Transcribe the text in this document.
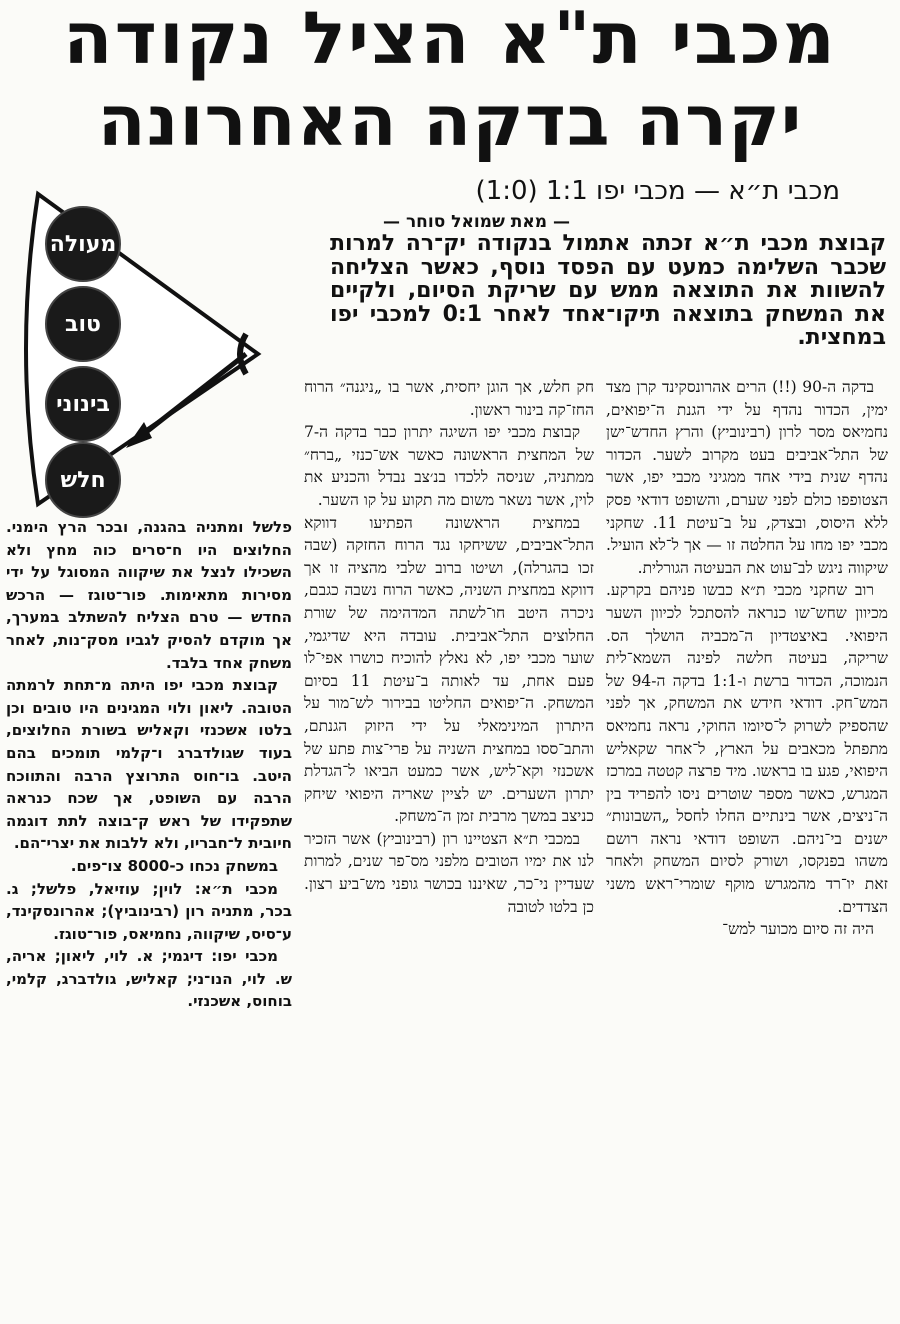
מכבי ת"א הציל נקודה
יקרה בדקה האחרונה
מכבי ת״א — מכבי יפו 1:1 (1:0)
— מאת שמואל סוחר —
קבוצת מכבי ת״א זכתה אתמול בנקודה יק־רה למרות שכבר השלימה כמעט עם הפסד נוסף, כאשר הצליחה להשוות את התוצאה ממש עם שריקת הסיום, ולקיים את המשחק בתוצאה תיקו־אחד לאחר 0:1 למכבי יפו במחצית.
מעולה
טוב
בינוני
חלש

בדקה ה-90 (!!) הרים אהרונסקינד קרן מצד ימין, הכדור נהדף על ידי הגנת ה־יפואים, נחמיאס מסר לרון (רבינוביץ) והרץ החדש־ישן של התל־אביבים בעט מקרוב לשער. הכדור נהדף שנית בידי אחד ממגיני מכבי יפו, אשר הצטופפו כולם לפני שערם, והשופט דודאי פסק ללא היסוס, ובצדק, על ב־עיטת 11. שחקני מכבי יפו מחו על החלטה זו — אך ל־לא הועיל. שיקווה ניגש לב־עוט את הבעיטה הגורלית.

רוב שחקני מכבי ת״א כבשו פניהם בקרקע. מכיוון שחש־שו כנראה להסתכל לכיוון השער היפואי. באיצטדיון ה־מכביה הושלך הס. שריקה, בעיטה חלשה לפינה השמא־לית הנמוכה, הכדור ברשת ו-1:1 בדקה ה-94 של המש־חק. דודאי חידש את המשחק, אך לפני שהספיק לשרוק ל־סיומו החוקי, נראה נחמיאס מתפתל מכאבים על הארץ, ל־אחר שקאליש היפואי, פגע בו בראשו. מיד פרצה קטטה במרכז המגרש, כאשר מספר שוטרים ניסו להפריד בין ה־ניצים, אשר בינתיים החלו לחסל „השבונות״ ישנים בי־ניהם. השופט דודאי נראה רושם משהו בפנקסו, ושורק לסיום המשחק ולאחר זאת יו־רד מהמגרש מוקף שומרי־ראש משני הצדדים.

היה זה סיום מכוער למש־

חק חלש, אך הוגן יחסית, אשר בו „ניגנה״ הרוח החז־קה בינור ראשון.

קבוצת מכבי יפו השיגה יתרון כבר בדקה ה-7 של המחצית הראשונה כאשר אש־כנזי „ברח״ ממתניה, שניסה ללכדו בנ׳צב נבדל והכניע את לוין, אשר נשאר משום מה תקוע על קו השער.

במחצית הראשונה הפתיעו דווקא התל־אביבים, ששיחקו נגד הרוח החזקה (שבה זכו בהגרלה), ושיטו ברוב שלבי מהציה זו אך דווקא במחצית השניה, כאשר הרוח נשבה כגבם, ניכרה היטב חו־לשתה המדהימה של שורת החלוצים התל־אביבית. עובדה היא שדיגמי, שוער מכבי יפו, לא נאלץ להוכיח כושרו אפי־לו פעם אחת, עד לאותה ב־עיטת 11 בסיום המשחק. ה־יפואים החליטו בבירור לש־מור על היתרון המינימאלי על ידי היזוק הגנתם, והתב־ססו במחצית השניה על פרי־צות פתע של אשכנזי וקא־ליש, אשר כמעט הביאו ל־הגדלת יתרון השערים. יש לציין שאריה היפואי שיחק כניצב במשך מרבית זמן ה־משחק.

במכבי ת״א הצטיינו רון (רבינוביץ) אשר הזכיר לנו את ימיו הטובים מלפני מס־פר שנים, למרות שעדיין ני־כר, שאיננו בכושר גופני מש־ביע רצון. כן בלטו לטובה

פלשל ומתניה בהגנה, ובכר הרץ הימני. החלוצים היו ח־סרים כוה מחץ ולא השכילו לנצל את שיקווה המסוגל על ידי מסירות מתאימות. פור־טוגז — הרכש החדש — טרם הצליח להשתלב במערך, אך מוקדם להסיק לגביו מסק־נות, לאחר משחק אחד בלבד.

קבוצת מכבי יפו היתה מ־תחת לרמתה הטובה. ליאון ולוי המגינים היו טובים וכן בלטו אשכנזי וקאליש בשורת החלוצים, בעוד שגולדברג ו־קלמי תומכים בהם היטב. בו־חוס התרוצץ הרבה והתווכח הרבה עם השופט, אך שכח כנראה שתפקידו של ראש ק־בוצה לתת דוגמה חיובית ל־חבריו, ולא ללבות את יצרי־הם.

במשחק נכחו כ-8000 צו־פים.

מכבי ת״א: לוין; עוזיאל, פלשל; ג. בכר, מתניה רון (רבינוביץ); אהרונסקינד, ע־סיס, שיקווה, נחמיאס, פור־טוגז.

מכבי יפו: דיגמי; א. לוי, ליאון; אריה, ש. לוי, הנו־ני; קאליש, גולדברג, קלמי, בוחוס, אשכנזי.
